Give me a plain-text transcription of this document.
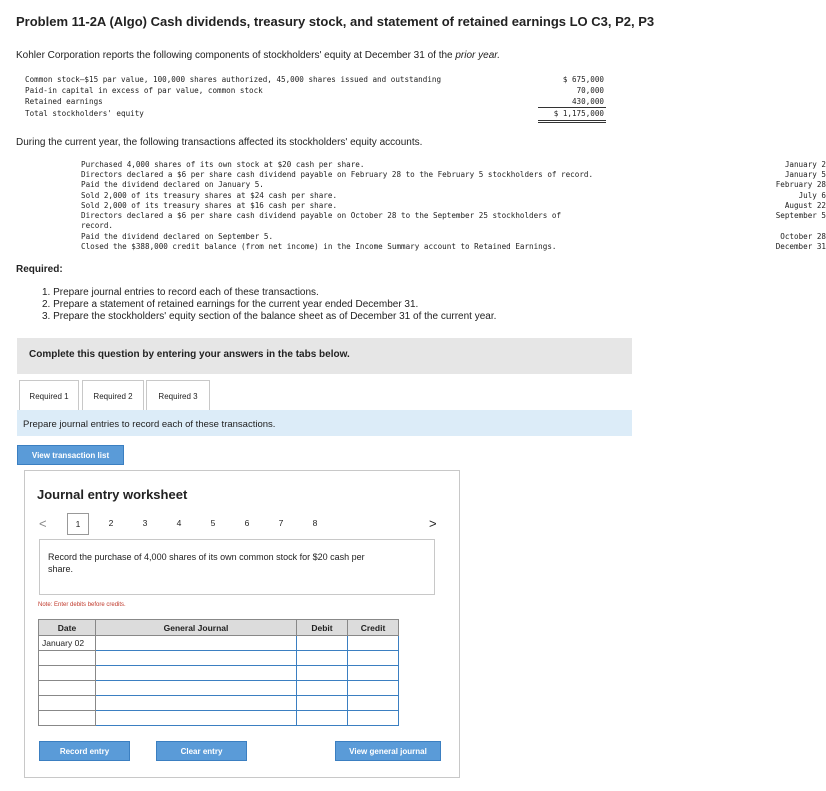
Problem 11-2A (Algo) Cash dividends, treasury stock, and statement of retained earnings LO C3, P2, P3
Kohler Corporation reports the following components of stockholders' equity at December 31 of the prior year.
Common stock—$15 par value, 100,000 shares authorized, 45,000 shares issued and outstanding	$ 675,000
Paid-in capital in excess of par value, common stock	70,000
Retained earnings	430,000
Total stockholders' equity	$ 1,175,000
During the current year, the following transactions affected its stockholders' equity accounts.
January 2
Purchased 4,000 shares of its own stock at $20 cash per share.
January 5
Directors declared a $6 per share cash dividend payable on February 28 to the February 5 stockholders of record.
February 28
Paid the dividend declared on January 5.
July 6
Sold 2,000 of its treasury shares at $24 cash per share.
August 22
Sold 2,000 of its treasury shares at $16 cash per share.
September 5
Directors declared a $6 per share cash dividend payable on October 28 to the September 25 stockholders of
record.
October 28
Paid the dividend declared on September 5.
December 31
Closed the $388,000 credit balance (from net income) in the Income Summary account to Retained Earnings.
Required:
1. Prepare journal entries to record each of these transactions.
2. Prepare a statement of retained earnings for the current year ended December 31.
3. Prepare the stockholders' equity section of the balance sheet as of December 31 of the current year.
Complete this question by entering your answers in the tabs below.
Required 1	Required 2	Required 3
Prepare journal entries to record each of these transactions.
View transaction list
Journal entry worksheet
<	1	2	3	4	5	6	7	8	>
Record the purchase of 4,000 shares of its own common stock for $20 cash per share.
Note: Enter debits before credits.
Date	General Journal	Debit	Credit
January 02			

Record entry	Clear entry	View general journal
